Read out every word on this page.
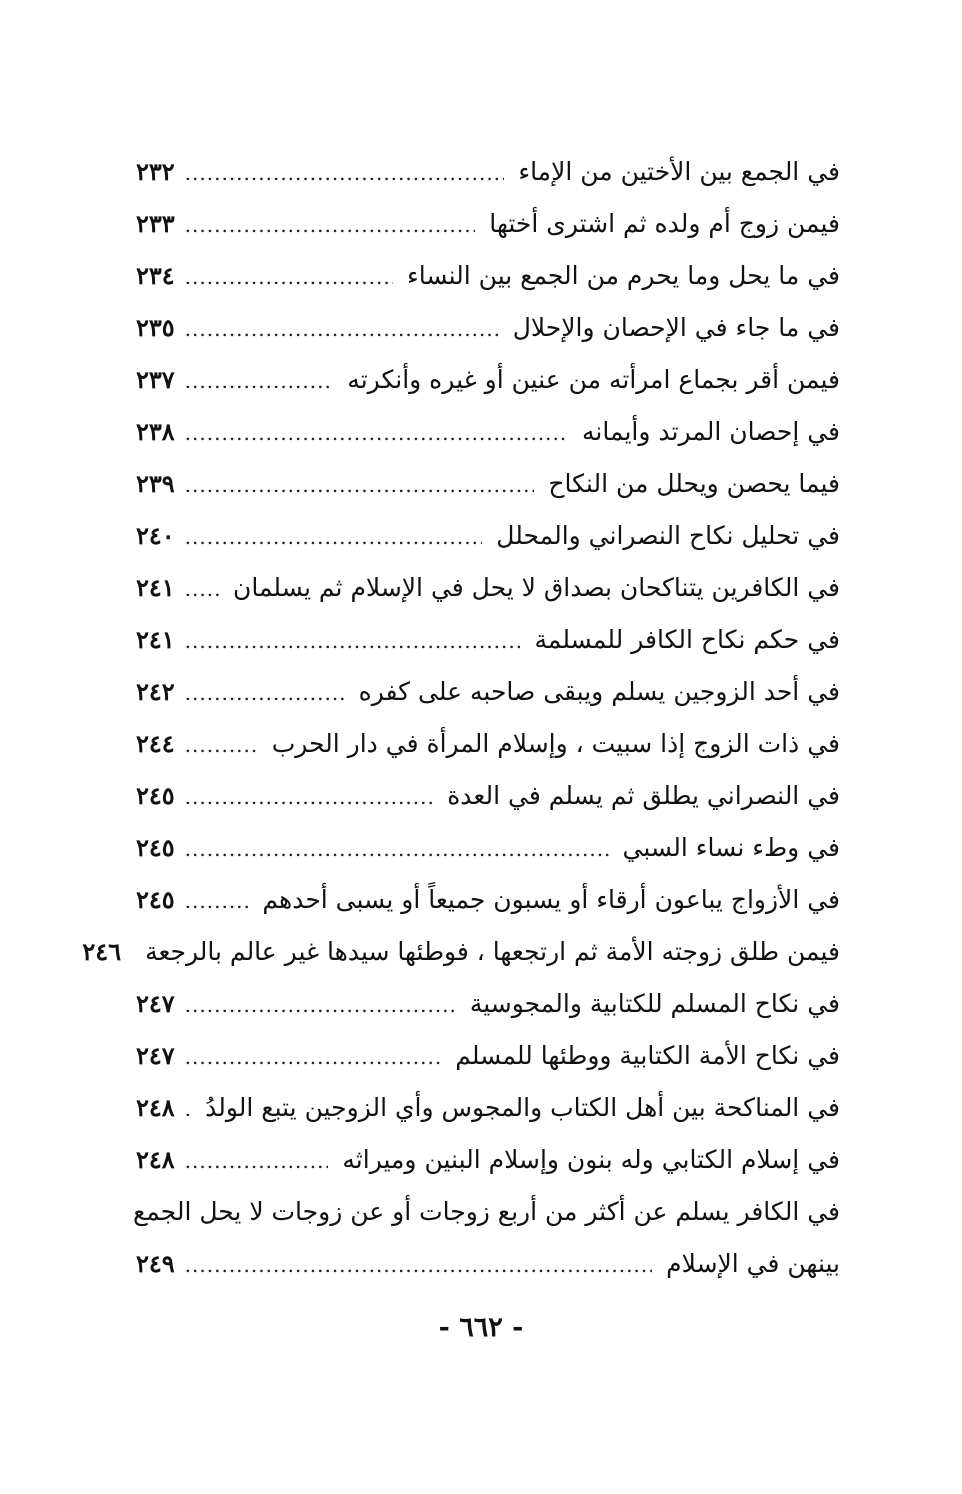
في الجمع بين الأختين من الإماء
.....
٢٣٢
فيمن زوج أم ولده ثم اشترى أختها
.....
٢٣٣
في ما يحل وما يحرم من الجمع بين النساء
.....
٢٣٤
في ما جاء في الإحصان والإحلال
.....
٢٣٥
فيمن أقر بجماع امرأته من عنين أو غيره وأنكرته
.....
٢٣٧
في إحصان المرتد وأيمانه
.....
٢٣٨
فيما يحصن ويحلل من النكاح
.....
٢٣٩
في تحليل نكاح النصراني والمحلل
.....
٢٤٠
في الكافرين يتناكحان بصداق لا يحل في الإسلام ثم يسلمان
.....
٢٤١
في حكم نكاح الكافر للمسلمة
.....
٢٤١
في أحد الزوجين يسلم ويبقى صاحبه على كفره
.....
٢٤٢
في ذات الزوج إذا سبيت ، وإسلام المرأة في دار الحرب
.....
٢٤٤
في النصراني يطلق ثم يسلم في العدة
.....
٢٤٥
في وطء نساء السبي
.....
٢٤٥
في الأزواج يباعون أرقاء أو يسبون جميعاً أو يسبى أحدهم
.....
٢٤٥
فيمن طلق زوجته الأمة ثم ارتجعها ، فوطئها سيدها غير عالم بالرجعة
٢٤٦
في نكاح المسلم للكتابية والمجوسية
.....
٢٤٧
في نكاح الأمة الكتابية ووطئها للمسلم
.....
٢٤٧
في المناكحة بين أهل الكتاب والمجوس وأي الزوجين يتبع الولدُ
.....
٢٤٨
في إسلام الكتابي وله بنون وإسلام البنين وميراثه
.....
٢٤٨
في الكافر يسلم عن أكثر من أربع زوجات أو عن زوجات لا يحل الجمع
بينهن في الإسلام
.....
٢٤٩
- ٦٦٢ -
